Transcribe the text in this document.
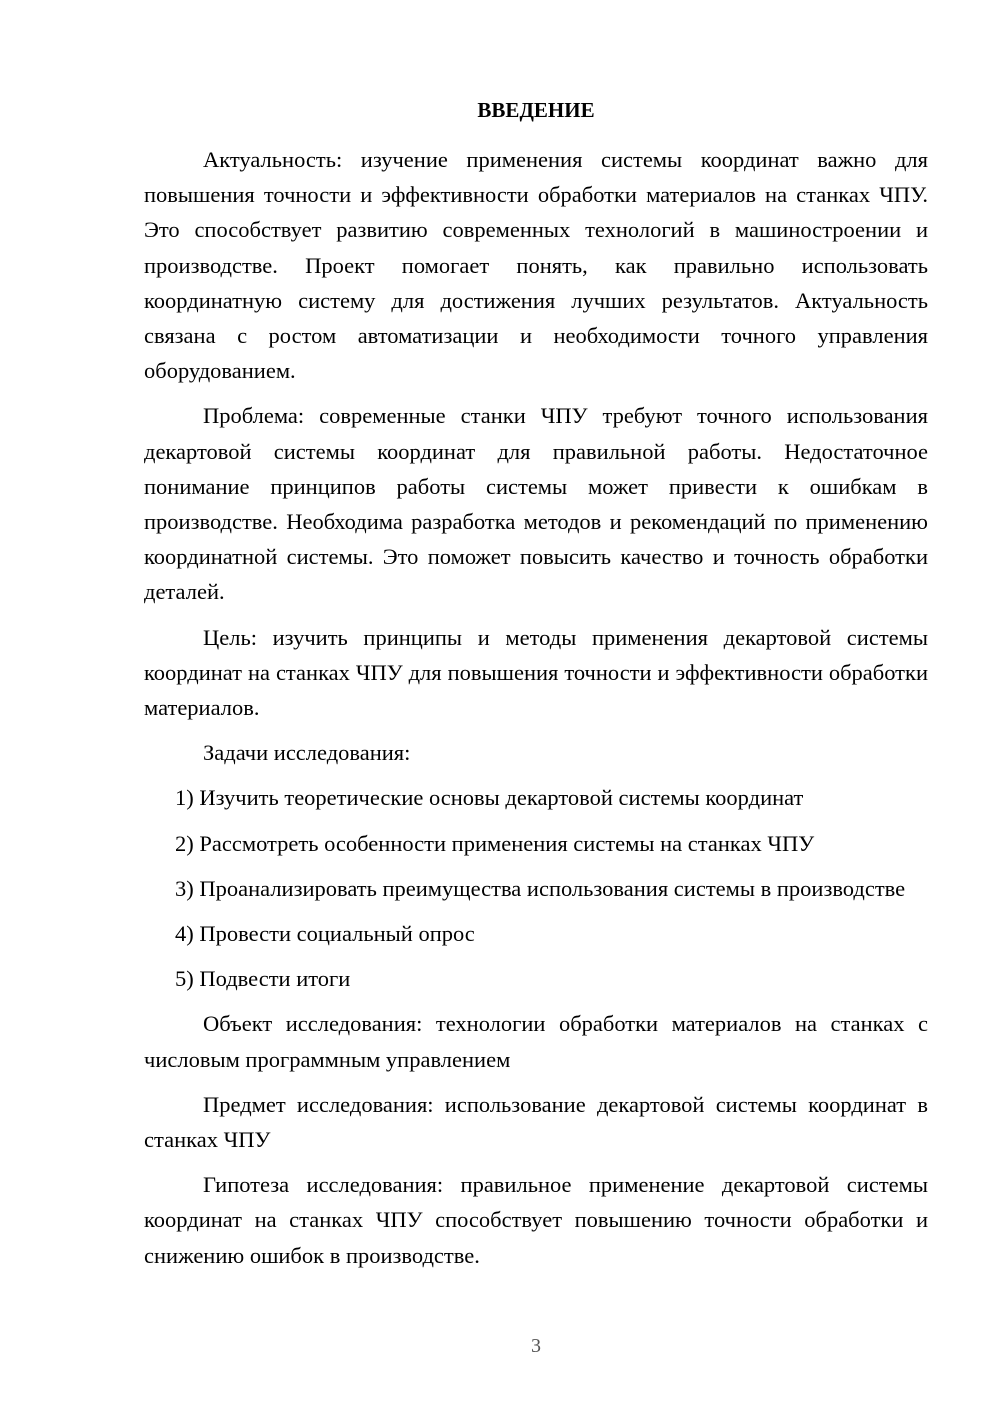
ВВЕДЕНИЕ

Актуальность: изучение применения системы координат важно для повышения точности и эффективности обработки материалов на станках ЧПУ. Это способствует развитию современных технологий в машиностроении и производстве. Проект помогает понять, как правильно использовать координатную систему для достижения лучших результатов. Актуальность связана с ростом автоматизации и необходимости точного управления оборудованием.

Проблема: современные станки ЧПУ требуют точного использования декартовой системы координат для правильной работы. Недостаточное понимание принципов работы системы может привести к ошибкам в производстве. Необходима разработка методов и рекомендаций по применению координатной системы. Это поможет повысить качество и точность обработки деталей.

Цель: изучить принципы и методы применения декартовой системы координат на станках ЧПУ для повышения точности и эффективности обработки материалов.

Задачи исследования:

1) Изучить теоретические основы декартовой системы координат

2) Рассмотреть особенности применения системы на станках ЧПУ

3) Проанализировать преимущества использования системы в производстве

4) Провести социальный опрос

5) Подвести итоги

Объект исследования: технологии обработки материалов на станках с числовым программным управлением

Предмет исследования: использование декартовой системы координат в станках ЧПУ

Гипотеза исследования: правильное применение декартовой системы координат на станках ЧПУ способствует повышению точности обработки и снижению ошибок в производстве.

3
